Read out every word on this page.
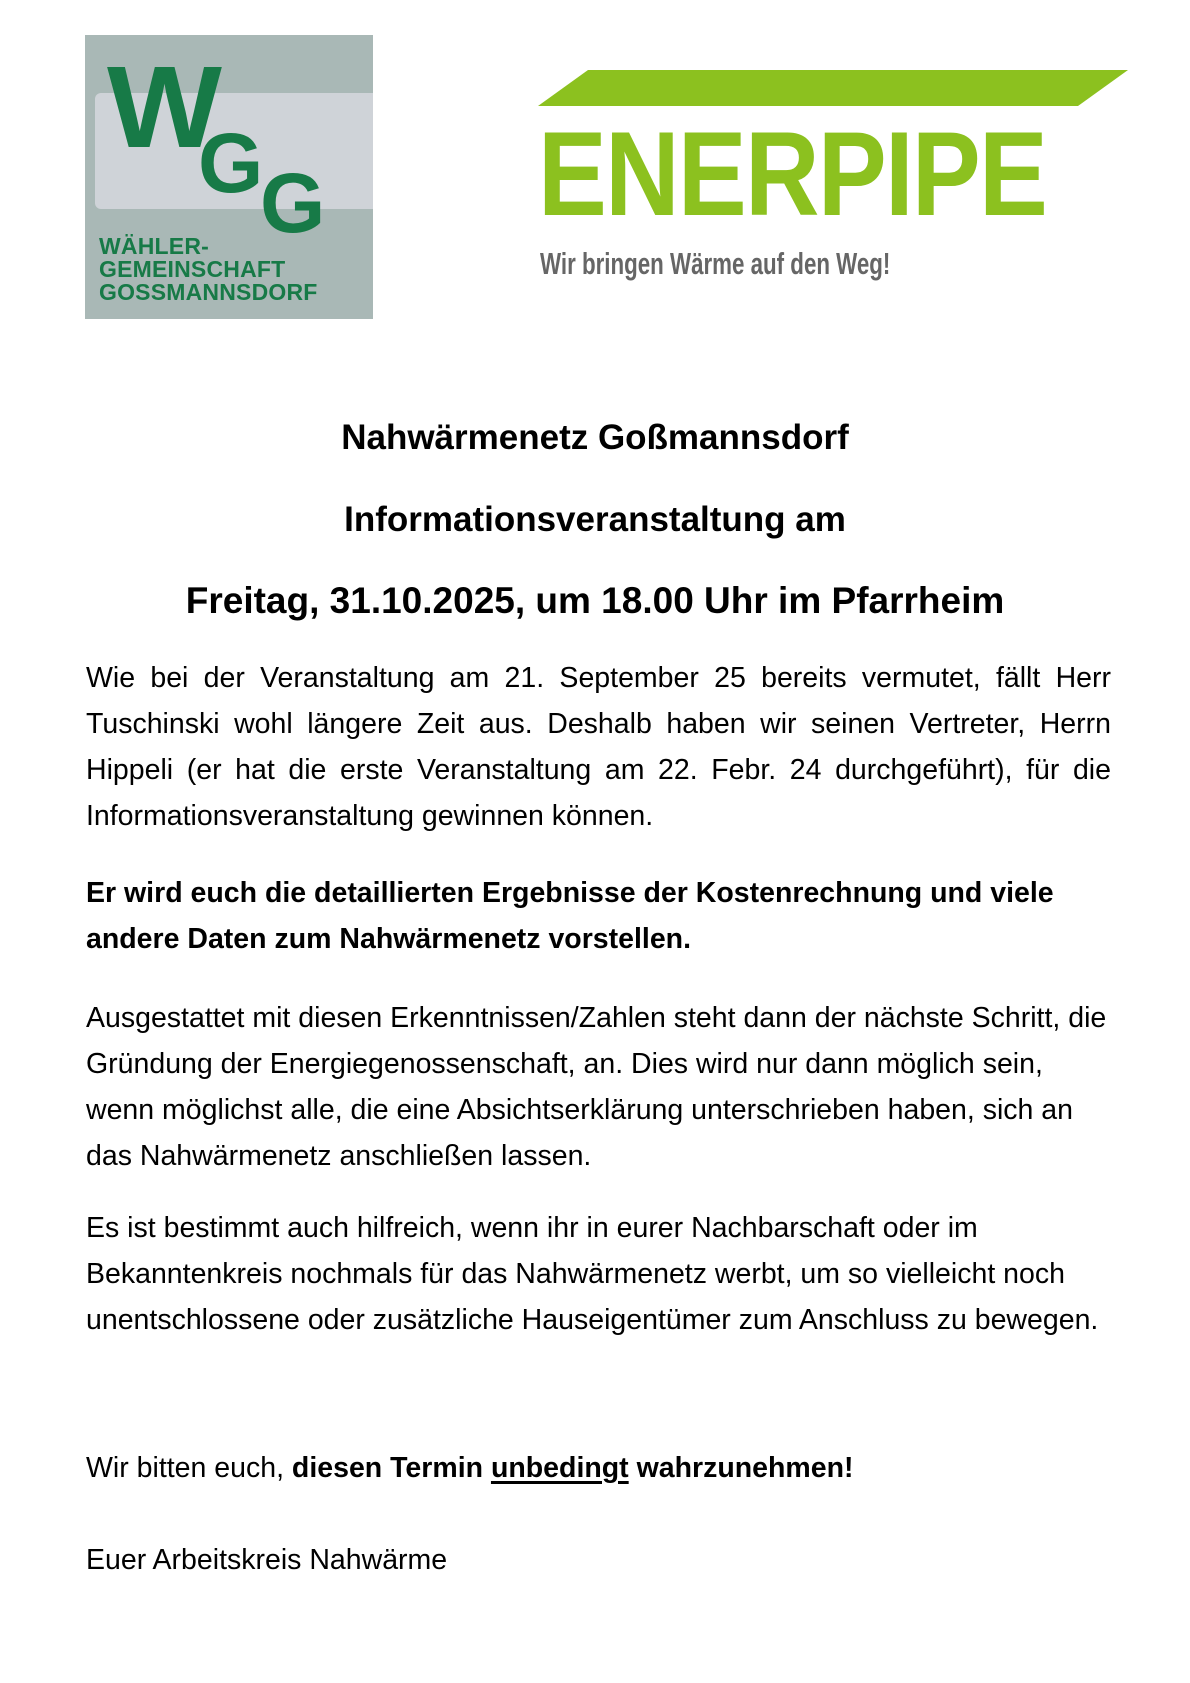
W
G
G
WÄHLER-
GEMEINSCHAFT
GOSSMANNSDORF
ENERPIPE
Wir bringen Wärme auf den Weg!
Nahwärmenetz Goßmannsdorf
Informationsveranstaltung am
Freitag, 31.10.2025, um 18.00 Uhr im Pfarrheim
Wie bei der Veranstaltung am 21. September 25 bereits vermutet, fällt Herr Tuschinski wohl längere Zeit aus. Deshalb haben wir seinen Vertreter, Herrn Hippeli (er hat die erste Veranstaltung am 22. Febr. 24 durchgeführt), für die Informationsveranstaltung gewinnen können.
Er wird euch die detaillierten Ergebnisse der Kostenrechnung und viele andere Daten zum Nahwärmenetz vorstellen.
Ausgestattet mit diesen Erkenntnissen/Zahlen steht dann der nächste Schritt, die Gründung der Energiegenossenschaft, an. Dies wird nur dann möglich sein, wenn möglichst alle, die eine Absichtserklärung unterschrieben haben, sich an das Nahwärmenetz anschließen lassen.
Es ist bestimmt auch hilfreich, wenn ihr in eurer Nachbarschaft oder im Bekanntenkreis nochmals für das Nahwärmenetz werbt, um so vielleicht noch unentschlossene oder zusätzliche Hauseigentümer zum Anschluss zu bewegen.
Wir bitten euch, diesen Termin unbedingt wahrzunehmen!
Euer Arbeitskreis Nahwärme
